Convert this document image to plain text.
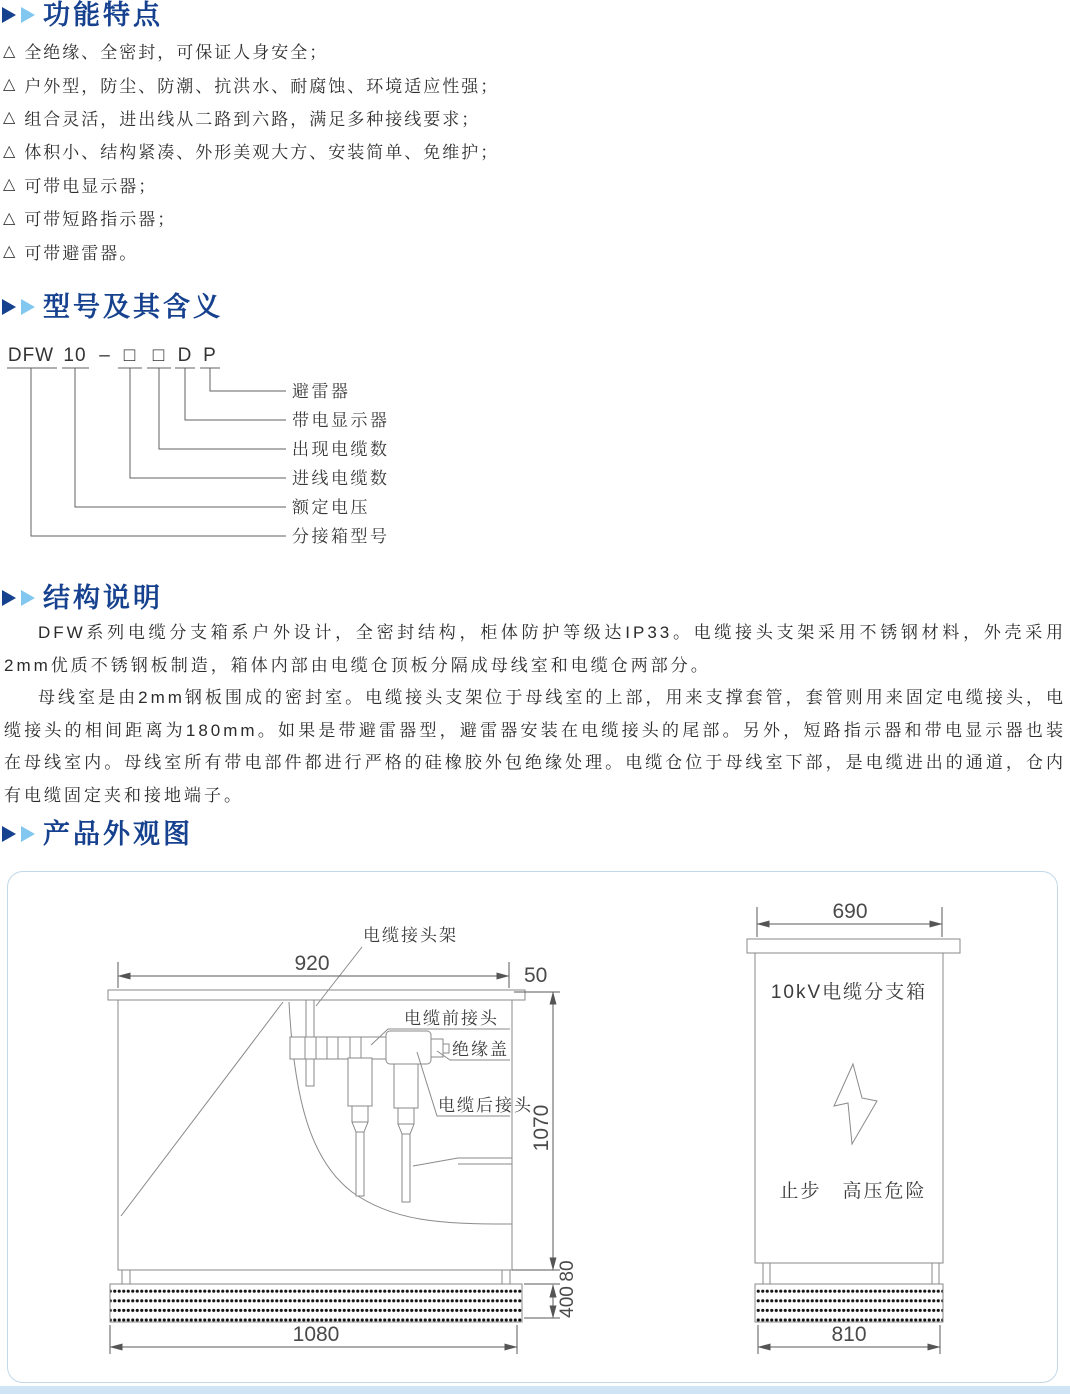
功能特点
△ 全绝缘、全密封，可保证人身安全；
△ 户外型，防尘、防潮、抗洪水、耐腐蚀、环境适应性强；
△ 组合灵活，进出线从二路到六路，满足多种接线要求；
△ 体积小、结构紧凑、外形美观大方、安装简单、免维护；
△ 可带电显示器；
△ 可带短路指示器；
△ 可带避雷器。
型号及其含义
DFW 10 – □ □ D P
避雷器
带电显示器
出现电缆数
进线电缆数
额定电压
分接箱型号
结构说明

DFW系列电缆分支箱系户外设计，全密封结构，柜体防护等级达IP33。电缆接头支架采用不锈钢材料，外壳采用2mm优质不锈钢板制造，箱体内部由电缆仓顶板分隔成母线室和电缆仓两部分。

母线室是由2mm钢板围成的密封室。电缆接头支架位于母线室的上部，用来支撑套管，套管则用来固定电缆接头，电缆接头的相间距离为180mm。如果是带避雷器型，避雷器安装在电缆接头的尾部。另外，短路指示器和带电显示器也装在母线室内。母线室所有带电部件都进行严格的硅橡胶外包绝缘处理。电缆仓位于母线室下部，是电缆进出的通道，仓内有电缆固定夹和接地端子。

产品外观图
电缆接头架
电缆前接头
绝缘盖
电缆后接头
920
50
1070
80
400
1080
690
10kV电缆分支箱
止步　高压危险
810
